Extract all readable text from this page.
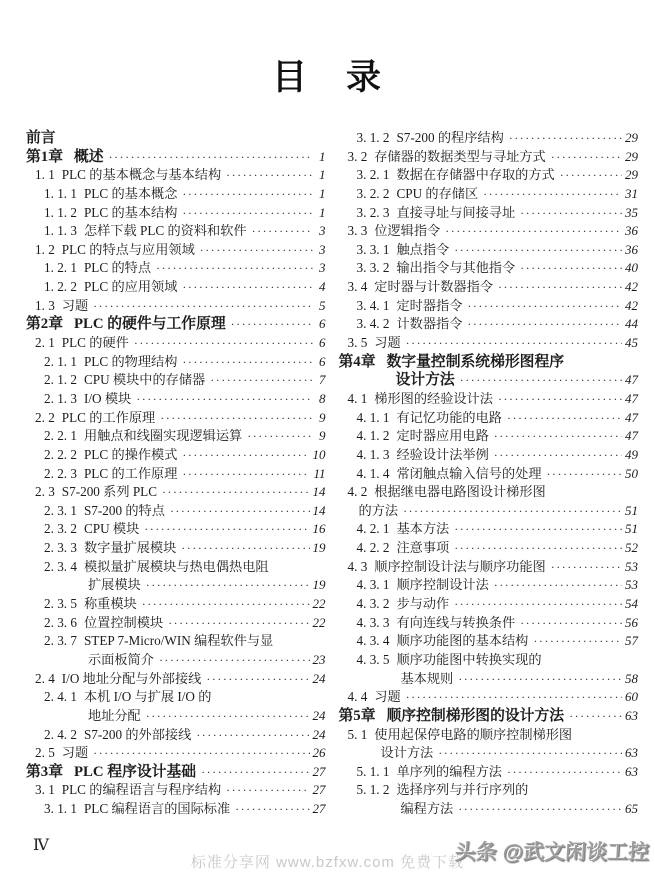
目　录
前言
第1章 概述 ·····	1
1. 1 PLC 的基本概念与基本结构 ·····	1
1. 1. 1 PLC 的基本概念 ·····	1
1. 1. 2 PLC 的基本结构 ·····	1
1. 1. 3 怎样下载 PLC 的资料和软件 ·····	3
1. 2 PLC 的特点与应用领域 ·····	3
1. 2. 1 PLC 的特点 ·····	3
1. 2. 2 PLC 的应用领域 ·····	4
1. 3 习题 ·····	5
第2章 PLC 的硬件与工作原理 ·····	6
2. 1 PLC 的硬件 ·····	6
2. 1. 1 PLC 的物理结构 ·····	6
2. 1. 2 CPU 模块中的存储器 ·····	7
2. 1. 3 I/O 模块 ·····	8
2. 2 PLC 的工作原理 ·····	9
2. 2. 1 用触点和线圈实现逻辑运算 ·····	9
2. 2. 2 PLC 的操作模式 ·····	10
2. 2. 3 PLC 的工作原理 ·····	11
2. 3 S7-200 系列 PLC ·····	14
2. 3. 1 S7-200 的特点 ·····	14
2. 3. 2 CPU 模块 ·····	16
2. 3. 3 数字量扩展模块 ·····	19
2. 3. 4 模拟量扩展模块与热电偶热电阻
扩展模块 ·····	19
2. 3. 5 称重模块 ·····	22
2. 3. 6 位置控制模块 ·····	22
2. 3. 7 STEP 7-Micro/WIN 编程软件与显
示面板简介 ·····	23
2. 4 I/O 地址分配与外部接线 ·····	24
2. 4. 1 本机 I/O 与扩展 I/O 的
地址分配 ·····	24
2. 4. 2 S7-200 的外部接线 ·····	24
2. 5 习题 ·····	26
第3章 PLC 程序设计基础 ·····	27
3. 1 PLC 的编程语言与程序结构 ·····	27
3. 1. 1 PLC 编程语言的国际标准 ·····	27
3. 1. 2 S7-200 的程序结构 ·····	29
3. 2 存储器的数据类型与寻址方式 ·····	29
3. 2. 1 数据在存储器中存取的方式 ·····	29
3. 2. 2 CPU 的存储区 ·····	31
3. 2. 3 直接寻址与间接寻址 ·····	35
3. 3 位逻辑指令 ·····	36
3. 3. 1 触点指令 ·····	36
3. 3. 2 输出指令与其他指令 ·····	40
3. 4 定时器与计数器指令 ·····	42
3. 4. 1 定时器指令 ·····	42
3. 4. 2 计数器指令 ·····	44
3. 5 习题 ·····	45
第4章 数字量控制系统梯形图程序
设计方法 ·····	47
4. 1 梯形图的经验设计法 ·····	47
4. 1. 1 有记忆功能的电路 ·····	47
4. 1. 2 定时器应用电路 ·····	47
4. 1. 3 经验设计法举例 ·····	49
4. 1. 4 常闭触点输入信号的处理 ·····	50
4. 2 根据继电器电路图设计梯形图
的方法 ·····	51
4. 2. 1 基本方法 ·····	51
4. 2. 2 注意事项 ·····	52
4. 3 顺序控制设计法与顺序功能图 ·····	53
4. 3. 1 顺序控制设计法 ·····	53
4. 3. 2 步与动作 ·····	54
4. 3. 3 有向连线与转换条件 ·····	56
4. 3. 4 顺序功能图的基本结构 ·····	57
4. 3. 5 顺序功能图中转换实现的
基本规则 ·····	58
4. 4 习题 ·····	60
第5章 顺序控制梯形图的设计方法 ·····	63
5. 1 使用起保停电路的顺序控制梯形图
设计方法 ·····	63
5. 1. 1 单序列的编程方法 ·····	63
5. 1. 2 选择序列与并行序列的
编程方法 ·····	65
Ⅳ
标准分享网 www.bzfxw.com 免费下载
头条 @武文闲谈工控
